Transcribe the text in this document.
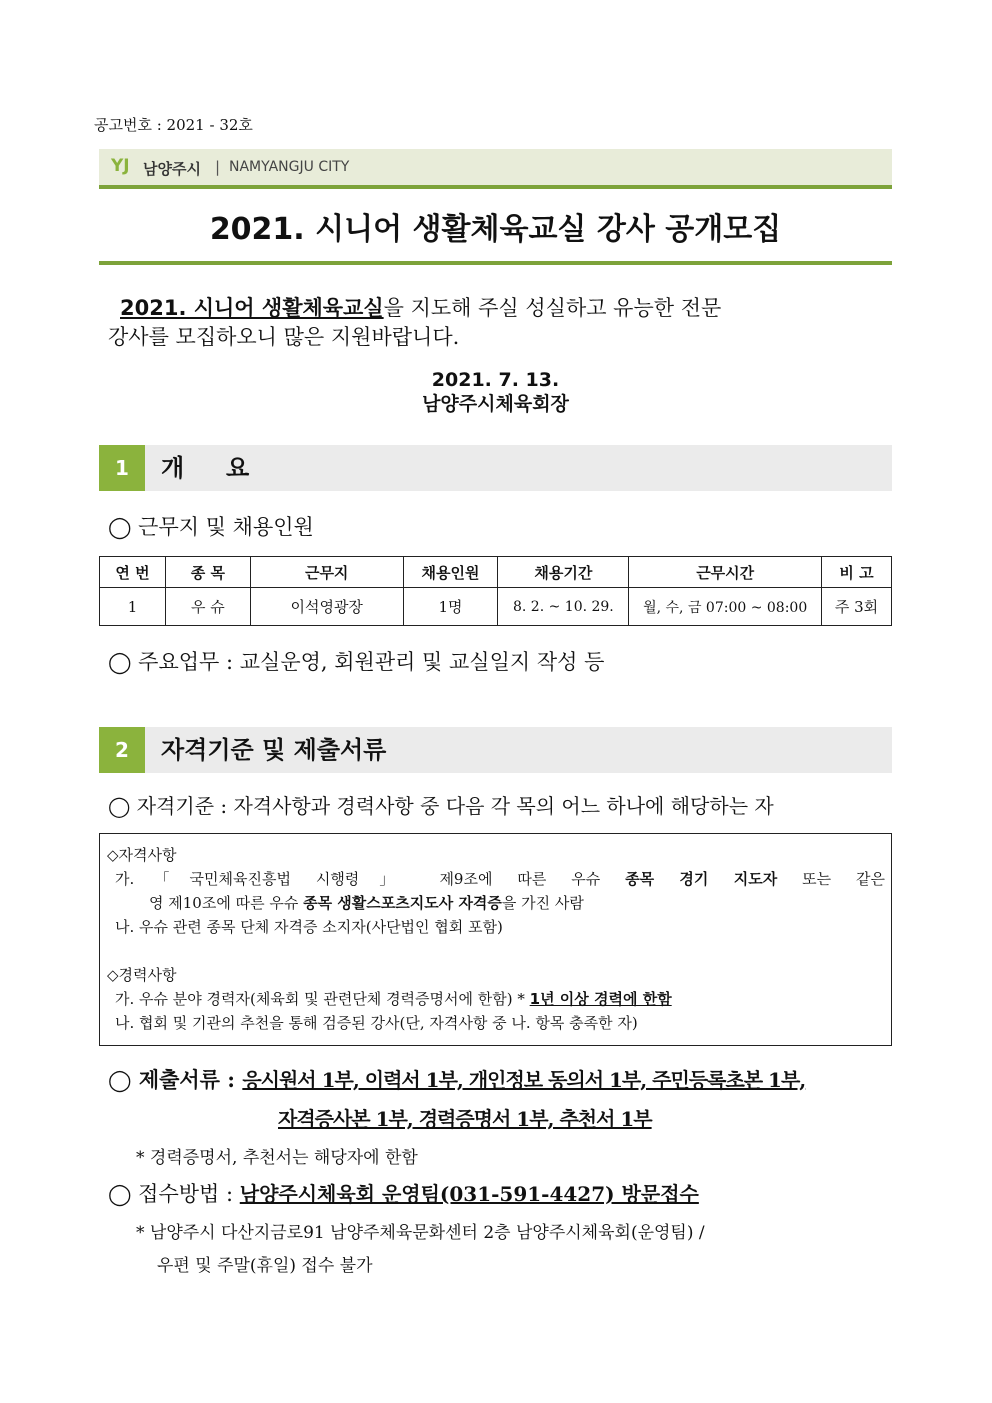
공고번호 : 2021 - 32호
YJ 남양주시 | NAMYANGJU CITY
2021. 시니어 생활체육교실 강사 공개모집
2021. 시니어 생활체육교실을 지도해 주실 성실하고 유능한 전문
강사를 모집하오니 많은 지원바랍니다.
2021. 7. 13.
남양주시체육회장
1	개     요
◯ 근무지 및 채용인원
연 번	종 목	근무지	채용인원	채용기간	근무시간	비 고
1	우 슈	이석영광장	1명	8. 2. ~ 10. 29.	월, 수, 금 07:00 ~ 08:00	주 3회
◯ 주요업무 : 교실운영, 회원관리 및 교실일지 작성 등
2	자격기준 및 제출서류
◯ 자격기준 : 자격사항과 경력사항 중 다음 각 목의 어느 하나에 해당하는 자
◇자격사항
가.「국민체육진흥법 시행령」 제9조에 따른 우슈 종목 경기 지도자 또는 같은
영 제10조에 따른 우슈 종목 생활스포츠지도사 자격증을 가진 사람
나. 우슈 관련 종목 단체 자격증 소지자(사단법인 협회 포함)
◇경력사항
가. 우슈 분야 경력자(체육회 및 관련단체 경력증명서에 한함) * 1년 이상 경력에 한함
나. 협회 및 기관의 추천을 통해 검증된 강사(단, 자격사항 중 나. 항목 충족한 자)
◯ 제출서류 : 응시원서 1부, 이력서 1부, 개인정보 동의서 1부, 주민등록초본 1부,
자격증사본 1부, 경력증명서 1부, 추천서 1부
* 경력증명서, 추천서는 해당자에 한함
◯ 접수방법 : 남양주시체육회 운영팀(031-591-4427) 방문접수
* 남양주시 다산지금로91 남양주체육문화센터 2층 남양주시체육회(운영팀) /
우편 및 주말(휴일) 접수 불가
